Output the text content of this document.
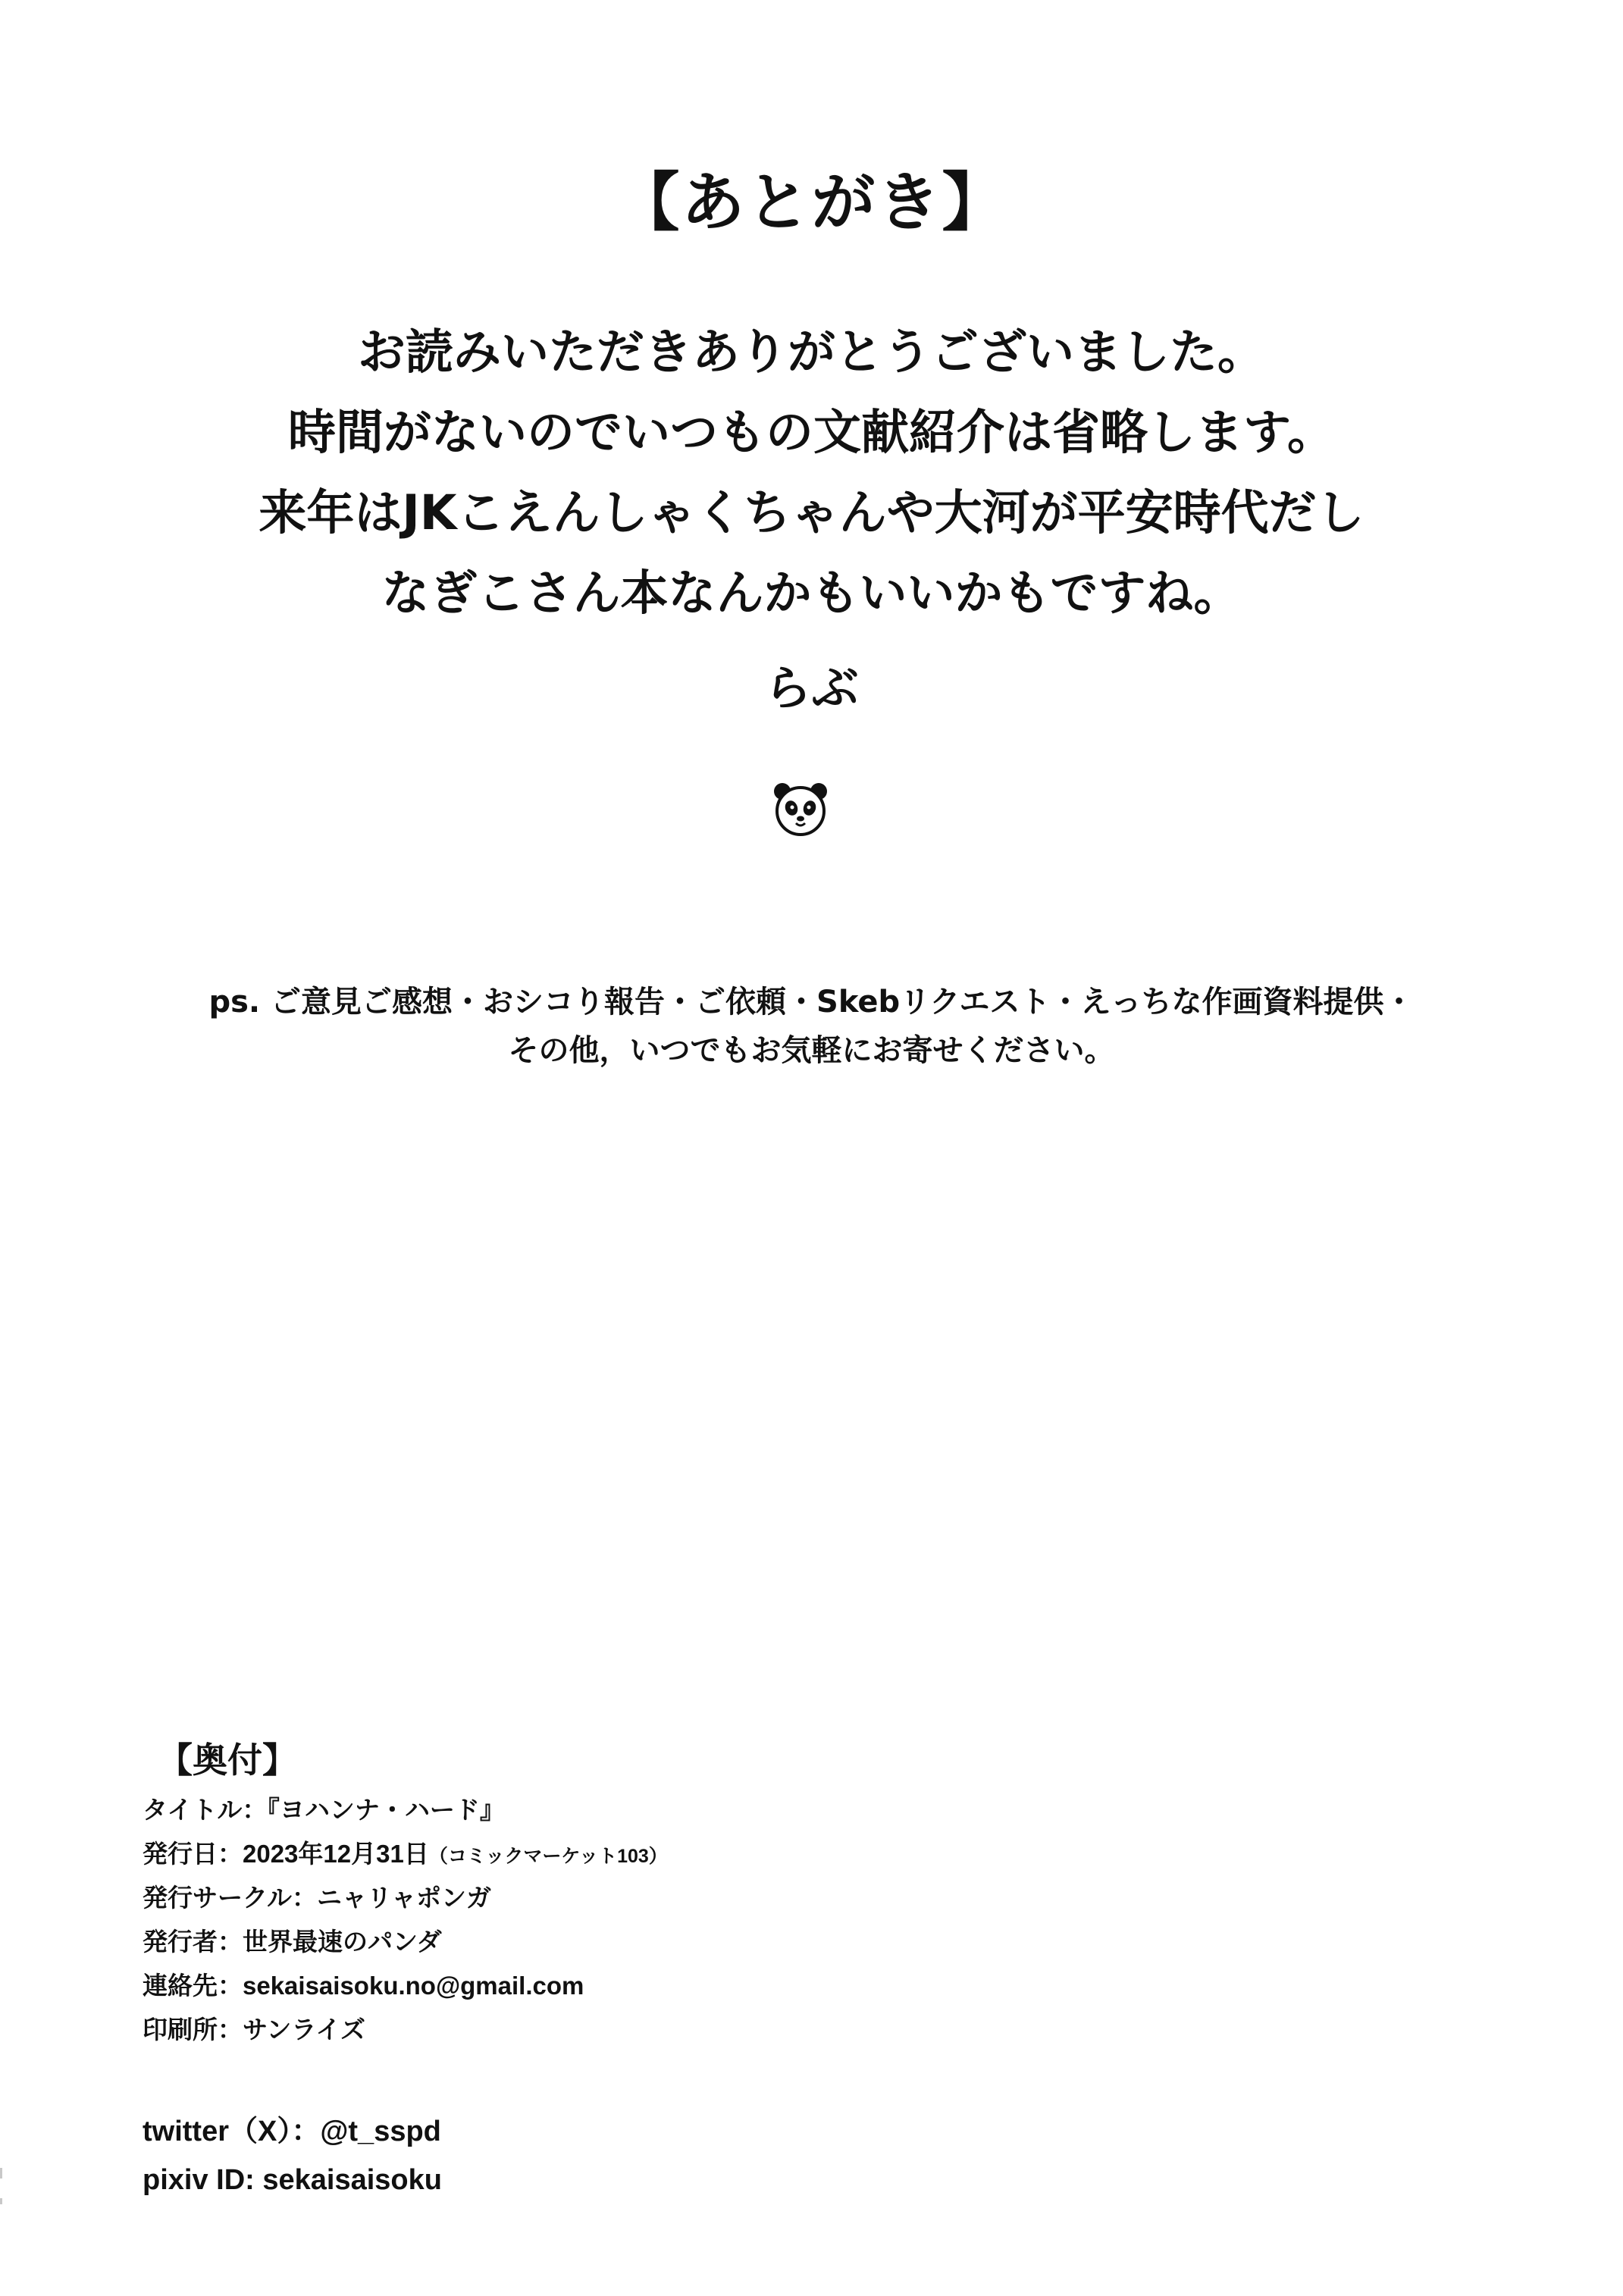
【あとがき】
お読みいただきありがとうございました。
時間がないのでいつもの文献紹介は省略します。
来年はJKこえんしゃくちゃんや大河が平安時代だし
なぎこさん本なんかもいいかもですね。
らぶ
ps. ご意見ご感想・おシコり報告・ご依頼・Skebリクエスト・えっちな作画資料提供・
その他，いつでもお気軽にお寄せください。
【奥付】
タイトル：『ヨハンナ・ハード』
発行日：2023年12月31日（コミックマーケット103）
発行サークル：ニャリャポンガ
発行者：世界最速のパンダ
連絡先：sekaisaisoku.no@gmail.com
印刷所：サンライズ
twitter（X）：@t_sspd
pixiv ID: sekaisaisoku
